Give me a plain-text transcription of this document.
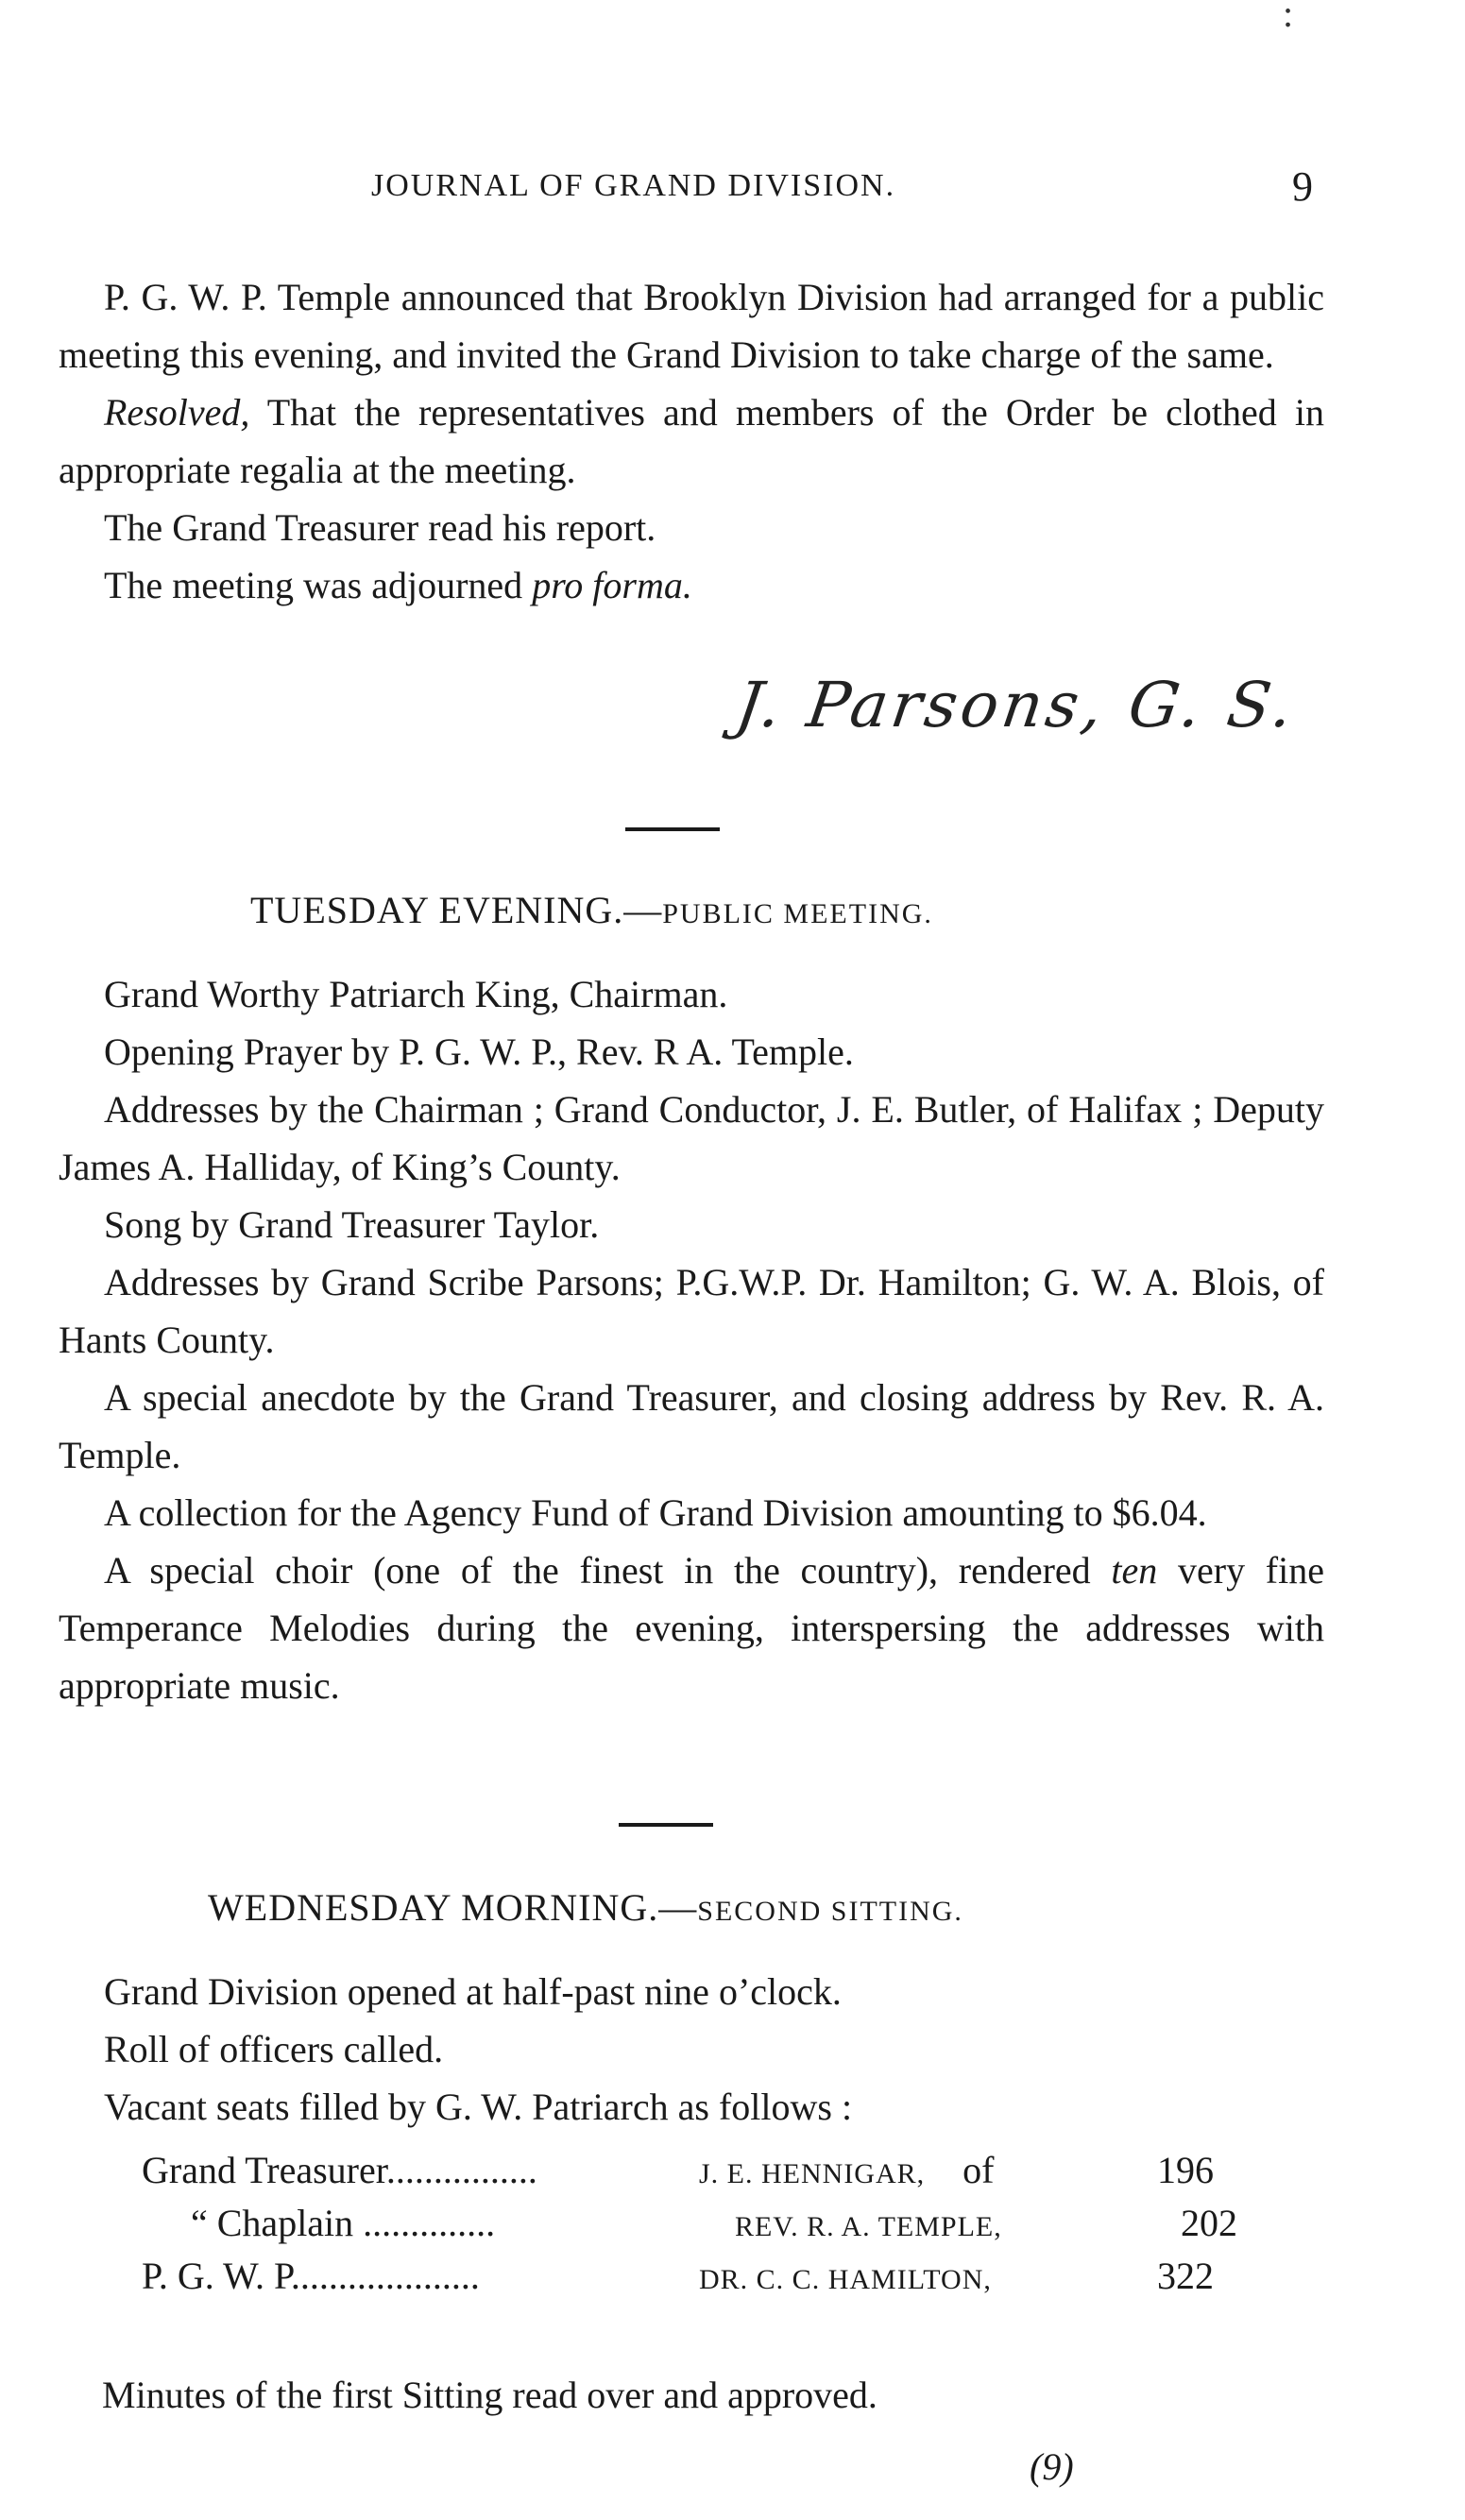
:
JOURNAL OF GRAND DIVISION.	9

P. G. W. P. Temple announced that Brooklyn Division had arranged for a public meeting this evening, and invited the Grand Division to take charge of the same.

Resolved, That the representatives and members of the Order be clothed in appropriate regalia at the meeting.

The Grand Treasurer read his report.

The meeting was adjourned pro forma.

J. Parsons, G. S.
TUESDAY EVENING.—PUBLIC MEETING.

Grand Worthy Patriarch King, Chairman.

Opening Prayer by P. G. W. P., Rev. R A. Temple.

Addresses by the Chairman ; Grand Conductor, J. E. Butler, of Halifax ; Deputy James A. Halliday, of King’s County.

Song by Grand Treasurer Taylor.

Addresses by Grand Scribe Parsons; P.G.W.P. Dr. Hamilton; G. W. A. Blois, of Hants County.

A special anecdote by the Grand Treasurer, and closing address by Rev. R. A. Temple.

A collection for the Agency Fund of Grand Division amounting to $6.04.

A special choir (one of the finest in the country), rendered ten very fine Temperance Melodies during the evening, interspersing the addresses with appropriate music.

WEDNESDAY MORNING.—SECOND SITTING.

Grand Division opened at half-past nine o’clock.

Roll of officers called.

Vacant seats filled by G. W. Patriarch as follows :

Grand Treasurer................	J. E. HENNIGAR, of	196
“ Chaplain ..............	REV. R. A. TEMPLE,	202
P. G. W. P....................	DR. C. C. HAMILTON,	322
Minutes of the first Sitting read over and approved.
(9)
